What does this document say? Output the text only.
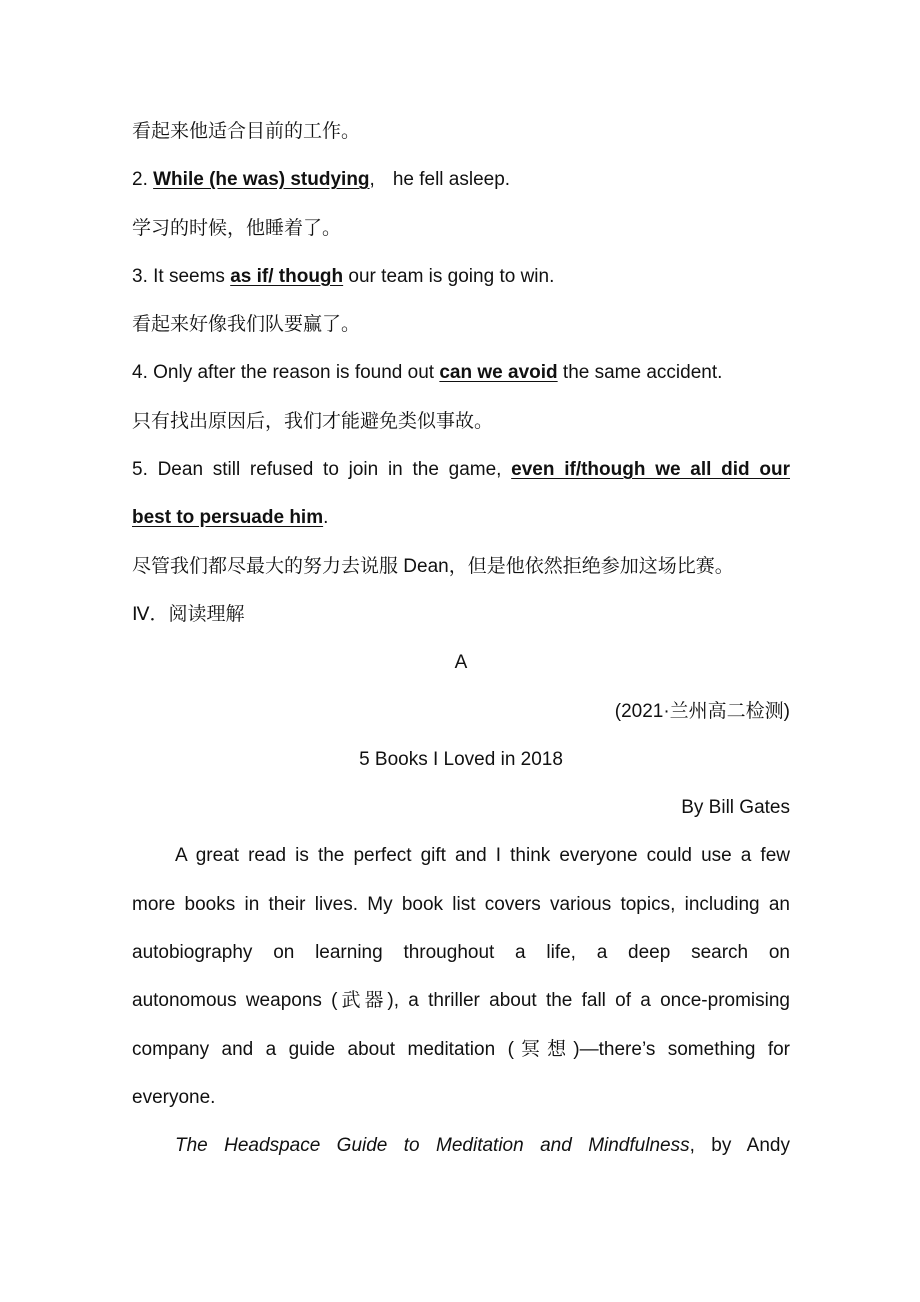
看起来他适合目前的工作。
2. While (he was) studying, he fell asleep.
学习的时候，他睡着了。
3. It seems as if/ though our team is going to win.
看起来好像我们队要赢了。
4. Only after the reason is found out can we avoid the same accident.
只有找出原因后，我们才能避免类似事故。
5. Dean still refused to join in the game, even if/though we all did our
best to persuade him.
尽管我们都尽最大的努力去说服 Dean，但是他依然拒绝参加这场比赛。
Ⅳ．阅读理解
A
(2021·兰州高二检测)
5 Books I Loved in 2018
By Bill Gates
A great read is the perfect gift and I think everyone could use a few
more books in their lives. My book list covers various topics, including an
autobiography on learning throughout a life, a deep search on
autonomous weapons (武器), a thriller about the fall of a once-promising
company and a guide about meditation (冥想)—there’s something for
everyone.
The Headspace Guide to Meditation and Mindfulness, by Andy
